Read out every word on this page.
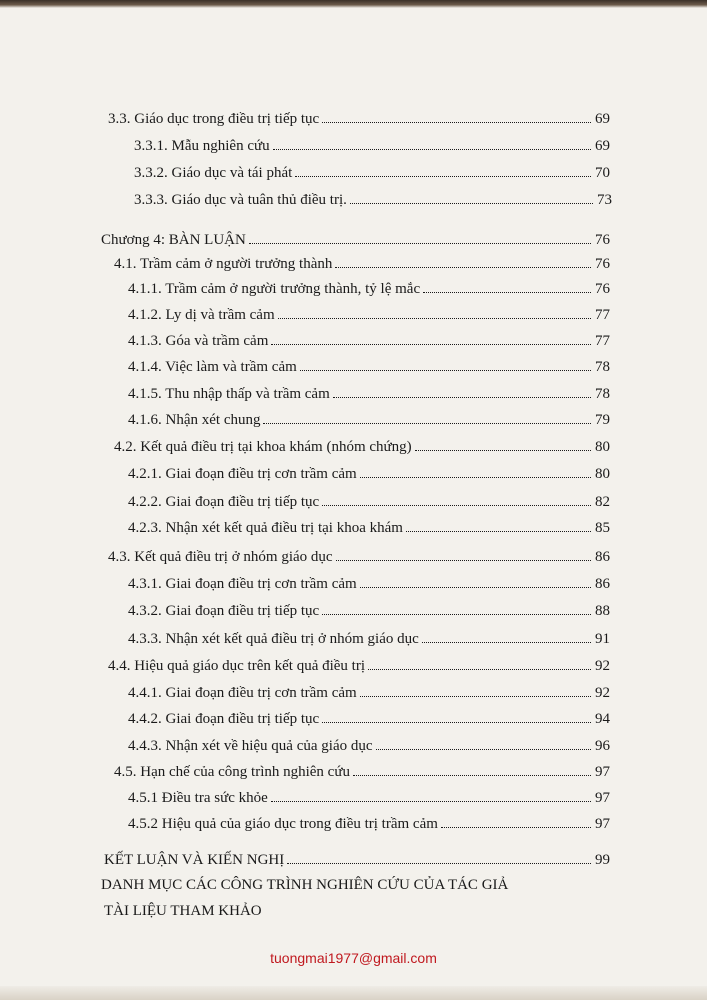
3.3. Giáo dục trong điều trị tiếp tục	69
3.3.1. Mẫu nghiên cứu	69
3.3.2. Giáo dục và tái phát	70
3.3.3. Giáo dục và tuân thủ điều trị.	73
Chương 4: BÀN LUẬN	76
4.1. Trầm cảm ở người trưởng thành	76
4.1.1. Trầm cảm ở người trưởng thành, tỷ lệ mắc	76
4.1.2. Ly dị và trầm cảm	77
4.1.3. Góa và trầm cảm	77
4.1.4. Việc làm và trầm cảm	78
4.1.5. Thu nhập thấp và trầm cảm	78
4.1.6. Nhận xét chung	79
4.2. Kết quả điều trị tại khoa khám (nhóm chứng)	80
4.2.1. Giai đoạn điều trị cơn trầm cảm	80
4.2.2. Giai đoạn điều trị tiếp tục	82
4.2.3. Nhận xét kết quả điều trị tại khoa khám	85
4.3. Kết quả điều trị ở nhóm giáo dục	86
4.3.1. Giai đoạn điều trị cơn trầm cảm	86
4.3.2. Giai đoạn điều trị tiếp tục	88
4.3.3. Nhận xét kết quả điều trị ở nhóm giáo dục	91
4.4. Hiệu quả giáo dục trên kết quả điều trị	92
4.4.1. Giai đoạn điều trị cơn trầm cảm	92
4.4.2. Giai đoạn điều trị tiếp tục	94
4.4.3. Nhận xét về hiệu quả của giáo dục	96
4.5. Hạn chế của công trình nghiên cứu	97
4.5.1 Điều tra sức khỏe	97
4.5.2 Hiệu quả của giáo dục trong điều trị trầm cảm	97
KẾT LUẬN VÀ KIẾN NGHỊ	99
DANH MỤC CÁC CÔNG TRÌNH NGHIÊN CỨU CỦA TÁC GIẢ
TÀI LIỆU THAM KHẢO
tuongmai1977@gmail.com
